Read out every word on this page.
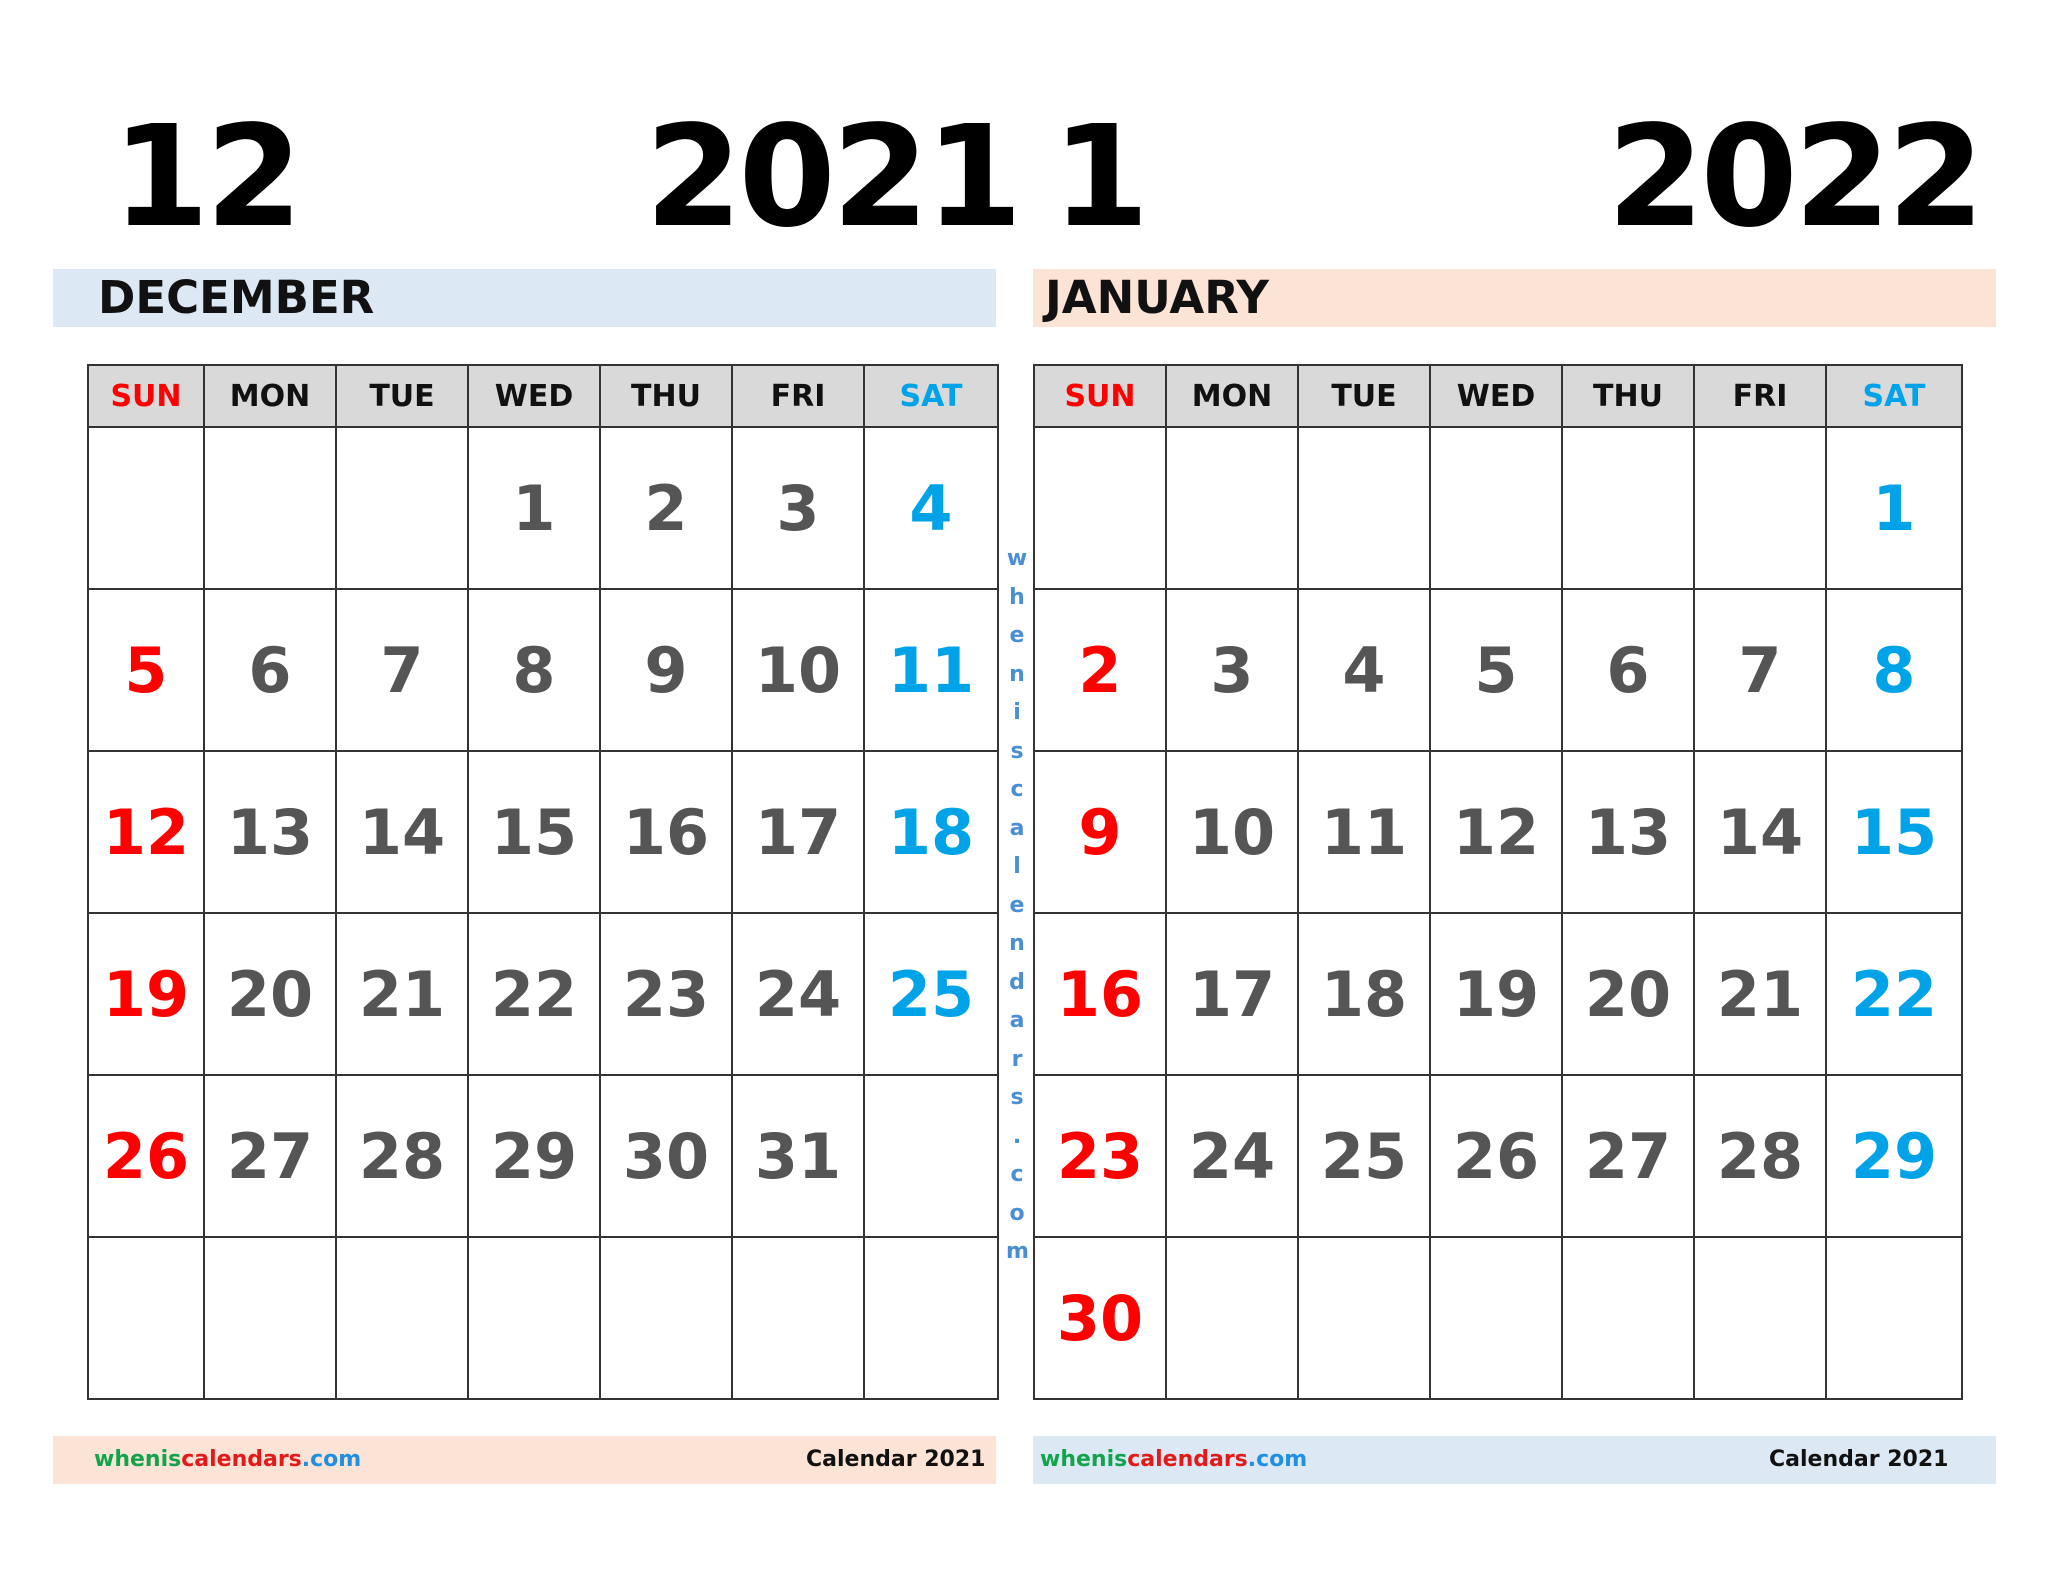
12 2021 1	2022
DECEMBER	JANUARY
SUN	MON	TUE	WED	THU	FRI	SAT
			1	2	3	4
5	6	7	8	9	10	11
12	13	14	15	16	17	18
19	20	21	22	23	24	25
26	27	28	29	30	31	

w
h
e
n
i
s
c
a
l
e
n
d
a
r
s
.
c
o
m
SUN	MON	TUE	WED	THU	FRI	SAT
						1
2	3	4	5	6	7	8
9	10	11	12	13	14	15
16	17	18	19	20	21	22
23	24	25	26	27	28	29
30						
wheniscalendars.com	Calendar 2021 wheniscalendars.com	Calendar 2021
